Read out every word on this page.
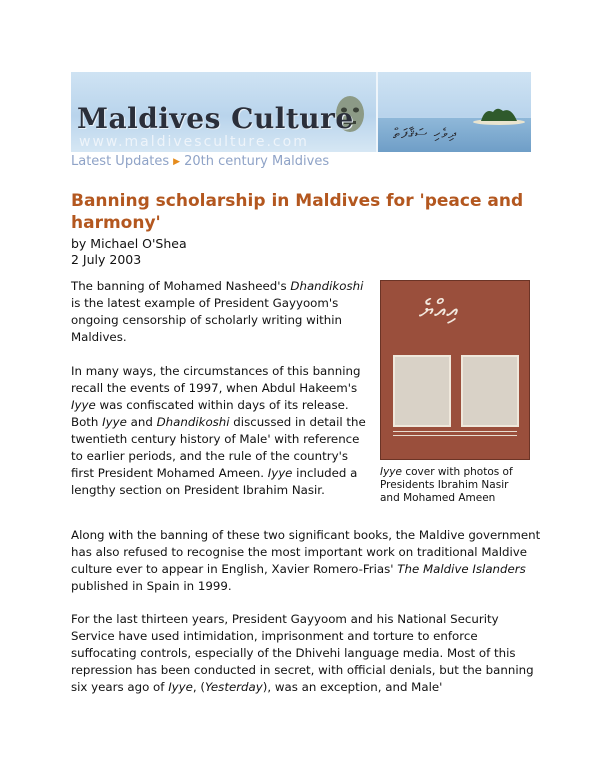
Maldives Culture
www.maldivesculture.com	ދިވެހި ސަޤާފަތް
Latest Updates ▶ 20th century Maldives
Banning scholarship in Maldives for 'peace and harmony'
by Michael O'Shea
2 July 2003

The banning of Mohamed Nasheed's Dhandikoshi is the latest example of President Gayyoom's ongoing censorship of scholarly writing within Maldives.

In many ways, the circumstances of this banning recall the events of 1997, when Abdul Hakeem's Iyye was confiscated within days of its release. Both Iyye and Dhandikoshi discussed in detail the twentieth century history of Male' with reference to earlier periods, and the rule of the country's first President Mohamed Ameen. Iyye included a lengthy section on President Ibrahim Nasir.

އިއްޔެ
Iyye cover with photos of Presidents Ibrahim Nasir and Mohamed Ameen

Along with the banning of these two significant books, the Maldive government has also refused to recognise the most important work on traditional Maldive culture ever to appear in English, Xavier Romero-Frias' The Maldive Islanders published in Spain in 1999.

For the last thirteen years, President Gayyoom and his National Security Service have used intimidation, imprisonment and torture to enforce suffocating controls, especially of the Dhivehi language media. Most of this repression has been conducted in secret, with official denials, but the banning six years ago of Iyye, (Yesterday), was an exception, and Male'
